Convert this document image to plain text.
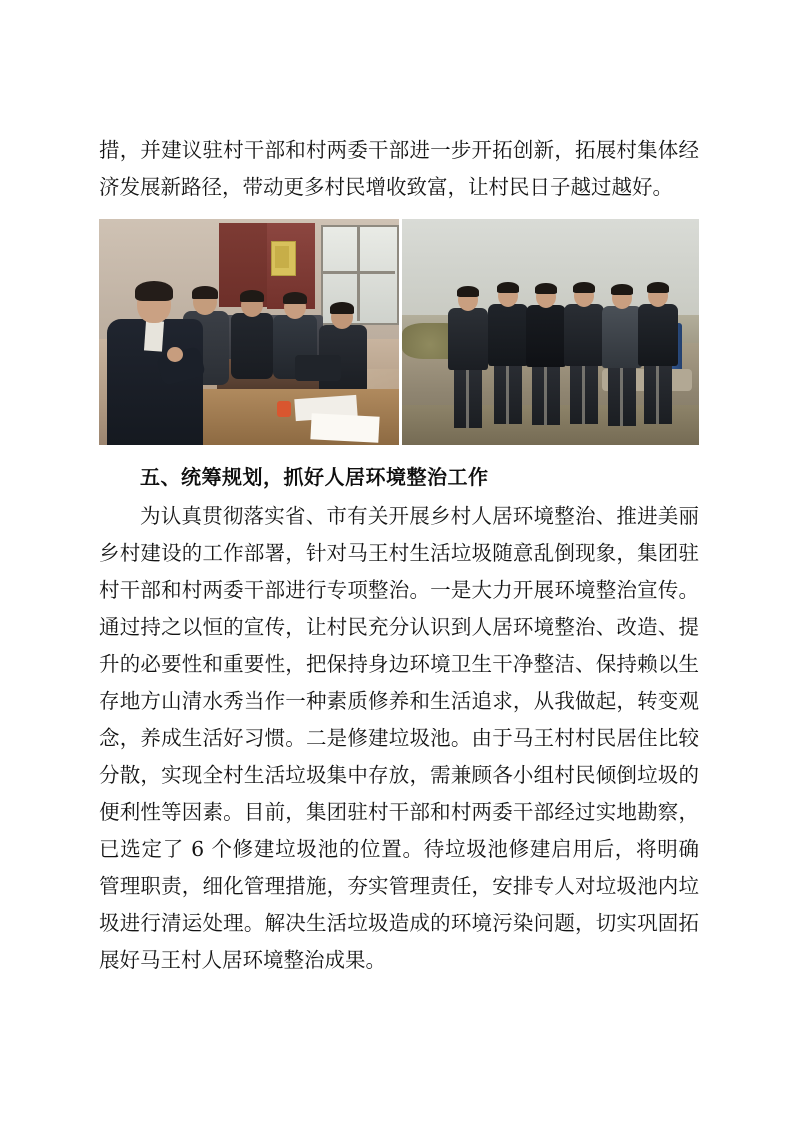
措，并建议驻村干部和村两委干部进一步开拓创新，拓展村集体经济发展新路径，带动更多村民增收致富，让村民日子越过越好。

五、统筹规划，抓好人居环境整治工作

为认真贯彻落实省、市有关开展乡村人居环境整治、推进美丽乡村建设的工作部署，针对马王村生活垃圾随意乱倒现象，集团驻村干部和村两委干部进行专项整治。一是大力开展环境整治宣传。通过持之以恒的宣传，让村民充分认识到人居环境整治、改造、提升的必要性和重要性，把保持身边环境卫生干净整洁、保持赖以生存地方山清水秀当作一种素质修养和生活追求，从我做起，转变观念，养成生活好习惯。二是修建垃圾池。由于马王村村民居住比较分散，实现全村生活垃圾集中存放，需兼顾各小组村民倾倒垃圾的便利性等因素。目前，集团驻村干部和村两委干部经过实地勘察，已选定了 6 个修建垃圾池的位置。待垃圾池修建启用后，将明确管理职责，细化管理措施，夯实管理责任，安排专人对垃圾池内垃圾进行清运处理。解决生活垃圾造成的环境污染问题，切实巩固拓展好马王村人居环境整治成果。
